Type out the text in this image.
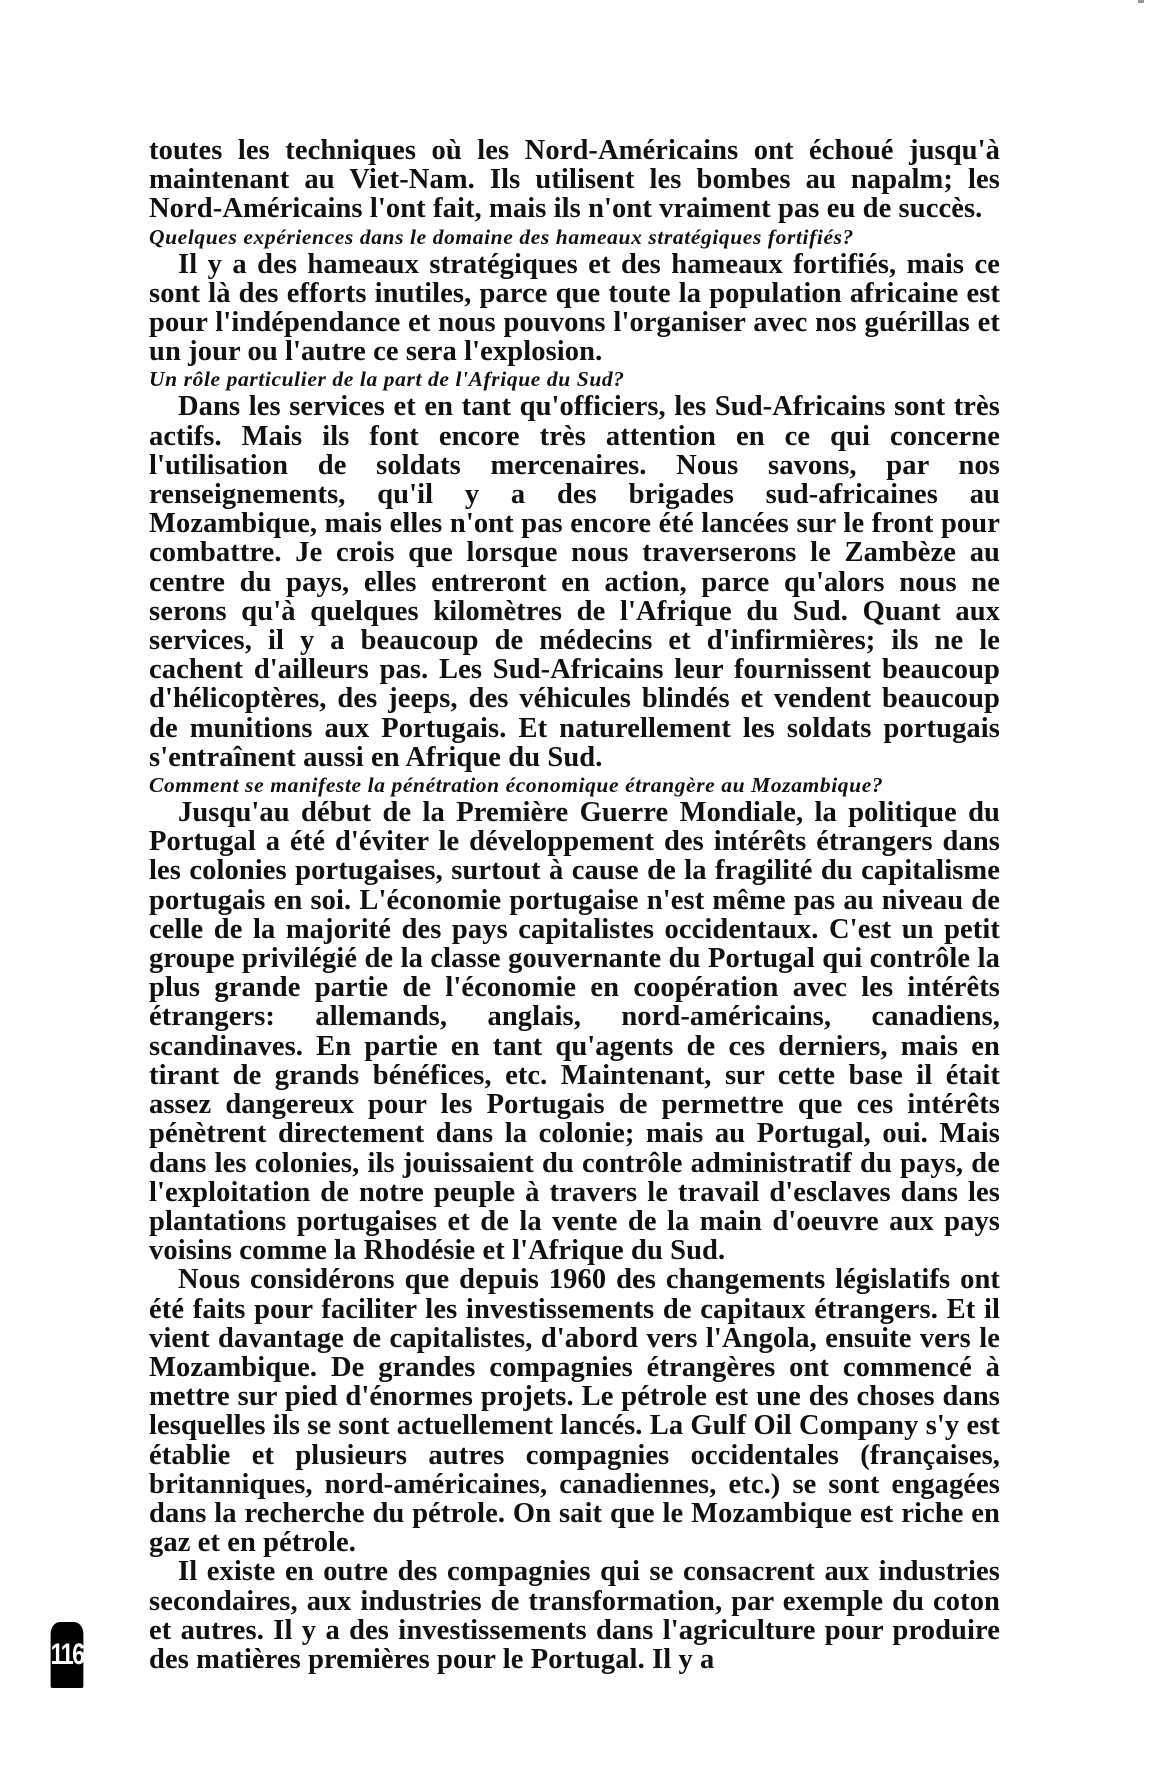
toutes les techniques où les Nord-Américains ont échoué jusqu'à maintenant au Viet-Nam. Ils utilisent les bombes au napalm; les Nord-Américains l'ont fait, mais ils n'ont vraiment pas eu de succès.

Quelques expériences dans le domaine des hameaux stratégiques fortifiés?

Il y a des hameaux stratégiques et des hameaux fortifiés, mais ce sont là des efforts inutiles, parce que toute la population africaine est pour l'indépendance et nous pouvons l'organiser avec nos guérillas et un jour ou l'autre ce sera l'explosion.

Un rôle particulier de la part de l'Afrique du Sud?

Dans les services et en tant qu'officiers, les Sud-Africains sont très actifs. Mais ils font encore très attention en ce qui concerne l'utilisation de soldats mercenaires. Nous savons, par nos renseignements, qu'il y a des brigades sud-africaines au Mozambique, mais elles n'ont pas encore été lancées sur le front pour combattre. Je crois que lorsque nous traverserons le Zambèze au centre du pays, elles entreront en action, parce qu'alors nous ne serons qu'à quelques kilomètres de l'Afrique du Sud. Quant aux services, il y a beaucoup de médecins et d'infirmières; ils ne le cachent d'ailleurs pas. Les Sud-Africains leur fournissent beaucoup d'hélicoptères, des jeeps, des véhicules blindés et vendent beaucoup de munitions aux Portugais. Et naturellement les soldats portugais s'entraînent aussi en Afrique du Sud.

Comment se manifeste la pénétration économique étrangère au Mozambique?

Jusqu'au début de la Première Guerre Mondiale, la politique du Portugal a été d'éviter le développement des intérêts étrangers dans les colonies portugaises, surtout à cause de la fragilité du capitalisme portugais en soi. L'économie portugaise n'est même pas au niveau de celle de la majorité des pays capitalistes occidentaux. C'est un petit groupe privilégié de la classe gouvernante du Portugal qui contrôle la plus grande partie de l'économie en coopération avec les intérêts étrangers: allemands, anglais, nord-américains, canadiens, scandinaves. En partie en tant qu'agents de ces derniers, mais en tirant de grands bénéfices, etc. Maintenant, sur cette base il était assez dangereux pour les Portugais de permettre que ces intérêts pénètrent directement dans la colonie; mais au Portugal, oui. Mais dans les colonies, ils jouissaient du contrôle administratif du pays, de l'exploitation de notre peuple à travers le travail d'esclaves dans les plantations portugaises et de la vente de la main d'oeuvre aux pays voisins comme la Rhodésie et l'Afrique du Sud.

Nous considérons que depuis 1960 des changements législatifs ont été faits pour faciliter les investissements de capitaux étrangers. Et il vient davantage de capitalistes, d'abord vers l'Angola, ensuite vers le Mozambique. De grandes compagnies étrangères ont commencé à mettre sur pied d'énormes projets. Le pétrole est une des choses dans lesquelles ils se sont actuellement lancés. La Gulf Oil Company s'y est établie et plusieurs autres compagnies occidentales (françaises, britanniques, nord-américaines, canadiennes, etc.) se sont engagées dans la recherche du pétrole. On sait que le Mozambique est riche en gaz et en pétrole.

Il existe en outre des compagnies qui se consacrent aux industries secondaires, aux industries de transformation, par exemple du coton et autres. Il y a des investissements dans l'agriculture pour produire des matières premières pour le Portugal. Il y a

116
